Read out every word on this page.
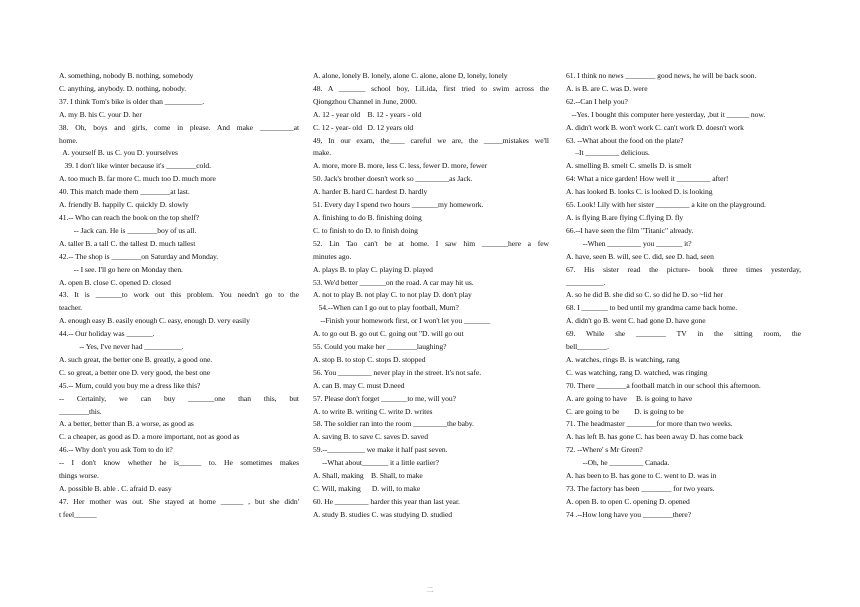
A. something, nobody B. nothing, somebody
C. anything, anybody. D. nothing, nobody.
37. I think Tom's bike is older than __________.
A. my B. his C. your D. her
38. Oh, boys and girls, come in please. And make _________at
home.
A. yourself B. us C. you D. yourselves
39. I don't like winter because it's ________cold.
A. too much B. far more C. much too D. much more
40. This match made them ________at last.
A. friendly B. happily C. quickly D. slowly
41.-- Who can reach the book on the top shelf?
-- Jack can. He is ________boy of us all.
A. taller B. a tall C. the tallest D. much tallest
42.-- The shop is ________on Saturday and Monday.
-- I see. I'll go here on Monday then.
A. open B. close C. opened D. closed
43. It is _______to work out this problem. You needn't go to the
teacher.
A. enough easy B. easily enough C. easy, enough D. very easily
44.-- Our holiday was _______.
-- Yes, I've never had __________.
A. such great, the better one B. greatly, a good one.
C. so great, a better one D. very good, the best one
45.-- Mum, could you buy me a dress like this?
-- Certainly, we can buy _______one than this, but
________this.
A. a better, better than B. a worse, as good as
C. a cheaper, as good as D. a more important, not as good as
46.-- Why don't you ask Tom to do it?
-- I don't know whether he is______ to. He sometimes makes
things worse.
A. possible B. able . C. afraid D. easy
47. Her mother was out. She stayed at home ______ , but she didn'
t feel______
A. alone, lonely B. lonely, alone C. alone, alone D, lonely, lonely
48. A _______ school boy, LiLida, first tried to swim across the
Qiongzhou Channel in June, 2000.
A. 12 - year old    B. 12 - years - old
C. 12 - year- old   D. 12 years old
49, In our exam, the____ careful we are, the _____mistakes we'll
make.
A. more, more B. more, less C. less, fewer D. more, fewer
50. Jack's brother doesn't work so _________as Jack.
A. harder B. hard C. hardest D. hardly
51. Every day I spend two hours _______my homework.
A. finishing to do B. finishing doing
C. to finish to do D. to finish doing
52. Lin Tao can't be at home. I saw him _______here a few
minutes ago.
A. plays B. to play C. playing D. played
53. We'd better _______on the road. A car may hit us.
A. not to play B. not play C. to not play D. don't play
54.--When can I go out to play football, Mum?
--Finish your homework first, or I won't let you _______
A. to go out B. go out C. going out "D. will go out
55. Could you make her ________laughing?
A. stop B. to stop C. stops D. stopped
56. You _________ never play in the street. It's not safe.
A. can B. may C. must D.need
57. Please don't forget _______to me, will you?
A. to write B. writing C. write D. writes
58. The soldier ran into the room _________the baby.
A. saving B. to save C. saves D. saved
59.--__________ we make it half past seven.
--What about_______ it a little earlier?
A. Shall, making    B. Shall, to make
C. Will, making      D. will, to make
60. He _________ harder this year than last year.
A. study B. studies C. was studying D. studied
61. I think no news ________ good news, he will be back soon.
A. is B. are C. was D. were
62.--Can I help you?
--Yes. I bought this computer here yesterday, ,but it ______ now.
A. didn't work B. won't work C. can't work D. doesn't work
63. --What about the food on the plate?
–It _________ delicious.
A. smelling B. smelt C. smells D. is smelt
64: What a nice garden! How well it _________ after!
A. has looked B. looks C. is looked D. is looking
65. Look! Lily with her sister _________ a kite on the playground.
A. is flying B.are flying C.flying D. fly
66.--I have seen the film "Titanic" already.
--When _________ you _______ it?
A. have, seen B. will, see C. did, see D. had, seen
67. His sister read the picture- book three times yesterday,
__________.
A. so he did B. she did so C. so did he D. so ~lid her
68. I _______ to bed until my grandma came back home.
A. didn't go B. went C. had gone D. have gone
69. While she ________ TV in the sitting room, the
bell________.
A. watches, rings B. is watching, rang
C. was watching, rang D. watched, was ringing
70. There ________a football match in our school this afternoon.
A. are going to have     B. is going to have
C. are going to be        D. is going to be
71. The headmaster ________for more than two weeks.
A. has left B. has gone C. has been away D. has come back
72. --Where' s Mr Green?
--Oh, he _________ Canada.
A. has been to B. has gone to C. went to D. was in
73. The factory has been ________ for two years.
A. open B. to open C. opening D. opened
74 .--How long have you ________there?
二
